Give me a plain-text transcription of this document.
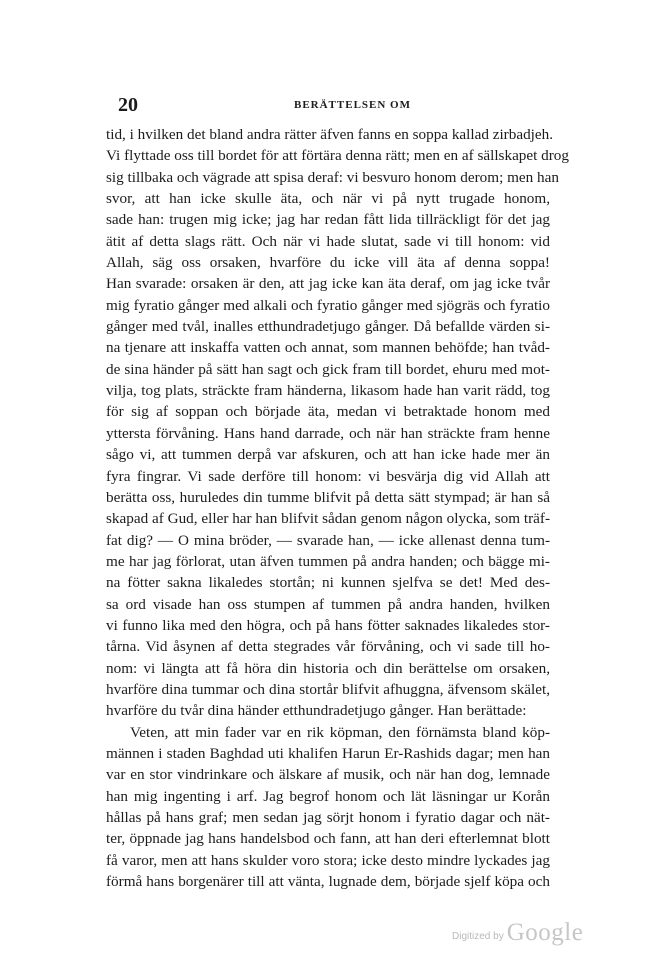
20	BERÄTTELSEN OM
tid, i hvilken det bland andra rätter äfven fanns en soppa kallad zirbadjeh.
Vi flyttade oss till bordet för att förtära denna rätt; men en af sällskapet drog
sig tillbaka och vägrade att spisa deraf: vi besvuro honom derom; men han
svor, att han icke skulle äta, och när vi på nytt trugade honom,
sade han: trugen mig icke; jag har redan fått lida tillräckligt för det jag
ätit af detta slags rätt. Och när vi hade slutat, sade vi till honom: vid
Allah, säg oss orsaken, hvarföre du icke vill äta af denna soppa!
Han svarade: orsaken är den, att jag icke kan äta deraf, om jag icke tvår
mig fyratio gånger med alkali och fyratio gånger med sjögräs och fyratio
gånger med tvål, inalles etthundradetjugo gånger. Då befallde värden si-
na tjenare att inskaffa vatten och annat, som mannen behöfde; han tvåd-
de sina händer på sätt han sagt och gick fram till bordet, ehuru med mot-
vilja, tog plats, sträckte fram händerna, likasom hade han varit rädd, tog
för sig af soppan och började äta, medan vi betraktade honom med
yttersta förvåning. Hans hand darrade, och när han sträckte fram henne
sågo vi, att tummen derpå var afskuren, och att han icke hade mer än
fyra fingrar. Vi sade derföre till honom: vi besvärja dig vid Allah att
berätta oss, huruledes din tumme blifvit på detta sätt stympad; är han så
skapad af Gud, eller har han blifvit sådan genom någon olycka, som träf-
fat dig? — O mina bröder, — svarade han, — icke allenast denna tum-
me har jag förlorat, utan äfven tummen på andra handen; och bägge mi-
na fötter sakna likaledes stortån; ni kunnen sjelfva se det! Med des-
sa ord visade han oss stumpen af tummen på andra handen, hvilken
vi funno lika med den högra, och på hans fötter saknades likaledes stor-
tårna. Vid åsynen af detta stegrades vår förvåning, och vi sade till ho-
nom: vi längta att få höra din historia och din berättelse om orsaken,
hvarföre dina tummar och dina stortår blifvit afhuggna, äfvensom skälet,
hvarföre du tvår dina händer etthundradetjugo gånger. Han berättade:
Veten, att min fader var en rik köpman, den förnämsta bland köp-
männen i staden Baghdad uti khalifen Harun Er-Rashids dagar; men han
var en stor vindrinkare och älskare af musik, och när han dog, lemnade
han mig ingenting i arf. Jag begrof honom och lät läsningar ur Korån
hållas på hans graf; men sedan jag sörjt honom i fyratio dagar och nät-
ter, öppnade jag hans handelsbod och fann, att han deri efterlemnat blott
få varor, men att hans skulder voro stora; icke desto mindre lyckades jag
förmå hans borgenärer till att vänta, lugnade dem, började sjelf köpa och
Digitized by Google
